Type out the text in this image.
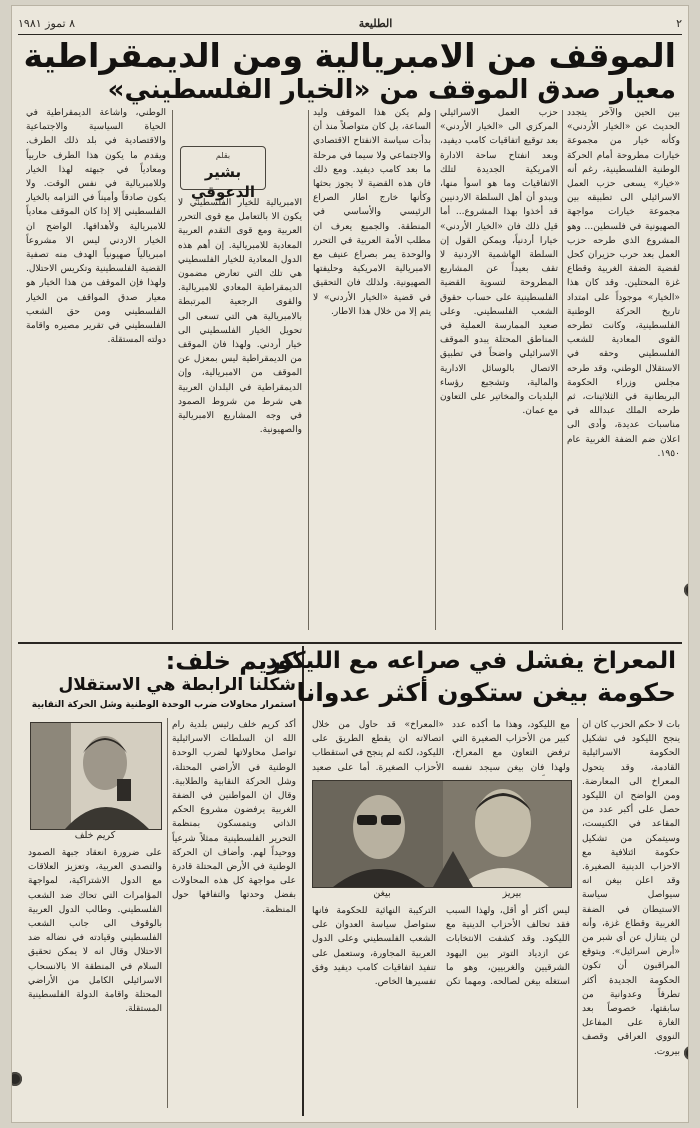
٨ تموز ١٩٨١	الطليعة	٢
الموقف من الامبريالية ومن الديمقراطية
معيار صدق الموقف من «الخيار الفلسطيني»
بين الحين والآخر يتجدد الحديث عن «الخيار الأردني» وكأنه خيار من مجموعة خيارات مطروحة أمام الحركة الوطنية الفلسطينية، رغم أنه «خيار» يسعى حزب العمل الاسرائيلي الى تطبيقه بين مجموعة خيارات مواجهة الصهيونية في فلسطين... وهو المشروع الذي طرحه حزب العمل بعد حرب حزيران كحل لقضية الضفة الغربية وقطاع غزة المحتلين. وقد كان هذا «الخيار» موجوداً على امتداد تاريخ الحركة الوطنية الفلسطينية، وكانت تطرحه القوى المعادية للشعب الفلسطيني وحقه في الاستقلال الوطني، وقد طرحه مجلس وزراء الحكومة البريطانية في الثلاثينات، ثم طرحه الملك عبدالله في مناسبات عديدة، وأدى الى اعلان ضم الضفة الغربية عام ١٩٥٠.
حزب العمل الاسرائيلي المركزي الى «الخيار الأردني» بعد توقيع اتفاقيات كامب ديفيد، وبعد انفتاح ساحة الادارة الامريكية الجديدة لتلك الاتفاقيات وما هو اسوأ منها، ويبدو أن أهل السلطة الاردنيين قد أخذوا بهذا المشروع... أما قيل ذلك فان «الخيار الأردني» خيارا أردنياً، ويمكن القول إن السلطة الهاشمية الاردنية لا تقف بعيداً عن المشاريع المطروحة لتسوية القضية الفلسطينية على حساب حقوق الشعب الفلسطيني. وعلى صعيد الممارسة العملية في المناطق المحتلة يبدو الموقف الاسرائيلي واضحاً في تطبيق الاتصال بالوسائل الادارية والمالية، وتشجيع رؤساء البلديات والمخاتير على التعاون مع عمان.
ولم يكن هذا الموقف وليد الساعة، بل كان متواصلاً منذ أن بدأت سياسة الانفتاح الاقتصادي والاجتماعي ولا سيما في مرحلة ما بعد كامب ديفيد. ومع ذلك فان هذه القضية لا يجوز بحثها وكأنها خارج اطار الصراع الرئيسي والأساسي في المنطقة. والجميع يعرف ان مطلب الأمة العربية في التحرر والوحدة يمر بصراع عنيف مع الامبريالية الامريكية وحليفتها الصهيونية. ولذلك فان التحقيق في قضية «الخيار الأردني» لا يتم إلا من خلال هذا الاطار.
بقلم
بشير الدعوقي
الامبريالية للخيار الفلسطيني لا يكون الا بالتعامل مع قوى التحرر العربية ومع قوى التقدم العربية المعادية للامبريالية. إن أهم هذه الدول المعادية للخيار الفلسطيني هي تلك التي تعارض مضمون الديمقراطية المعادي للامبريالية. والقوى الرجعية المرتبطة بالامبريالية هي التي تسعى الى تحويل الخيار الفلسطيني الى خيار أردني. ولهذا فان الموقف من الديمقراطية ليس بمعزل عن الموقف من الامبريالية، وإن الديمقراطية في البلدان العربية هي شرط من شروط الصمود في وجه المشاريع الامبريالية والصهيونية.
الوطني، واشاعة الديمقراطية في الحياة السياسية والاجتماعية والاقتصادية في بلد ذلك الطرف. ويقدم ما يكون هذا الطرف حاربياً ومعادياً في جبهته لهذا الخيار وللامبريالية في نفس الوقت. ولا يكون صادقاً وأميناً في التزامه بالخيار الفلسطيني إلا إذا كان الموقف معادياً للامبريالية ولأهدافها. الواضح ان الخيار الاردني ليس الا مشروعاً امبريالياً صهيونياً الهدف منه تصفية القضية الفلسطينية وتكريس الاحتلال. ولهذا فإن الموقف من هذا الخيار هو معيار صدق المواقف من الخيار الفلسطيني ومن حق الشعب الفلسطيني في تقرير مصيره واقامة دولته المستقلة.
المعراخ يفشل في صراعه مع الليكود
حكومة بيغن ستكون أكثر عدوانا
بات لا حكم الحزب كان ان ينجح الليكود في تشكيل الحكومة الاسرائيلية القادمة، وقد يتحول المعراخ الى المعارضة. ومن الواضح ان الليكود حصل على أكبر عدد من المقاعد في الكنيست، وسيتمكن من تشكيل حكومة ائتلافية مع الاحزاب الدينية الصغيرة. وقد اعلن بيغن انه سيواصل سياسة الاستيطان في الضفة الغربية وقطاع غزة، وأنه لن يتنازل عن أي شبر من «أرض اسرائيل». ويتوقع المراقبون أن تكون الحكومة الجديدة أكثر تطرفاً وعدوانية من سابقتها، خصوصاً بعد الغارة على المفاعل النووي العراقي وقصف بيروت.
مع الليكود، وهذا ما أكده عدد كبير من الأحزاب الصغيرة التي ترفض التعاون مع المعراخ، ولهذا فان بيغن سيجد نفسه
«المعراخ» قد حاول من خلال اتصالاته ان يقطع الطريق على الليكود، لكنه لم ينجح في استقطاب الأحزاب الصغيرة. أما على صعيد
بيغن	بيريز
ليس أكثر أو أقل، ولهذا السبب فقد تحالف الأحزاب الدينية مع الليكود. وقد كشفت الانتخابات عن ازدياد التوتر بين اليهود الشرقيين والغربيين، وهو ما استغله بيغن لصالحه. ومهما تكن التركيبة النهائية للحكومة فانها ستواصل سياسة العدوان على الشعب الفلسطيني وعلى الدول العربية المجاورة، وستعمل على تنفيذ اتفاقيات كامب ديفيد وفق تفسيرها الخاص.
كريم خلف:
شكلنا الرابطة هي الاستقلال
استمرار محاولات ضرب الوحدة الوطنية وشل الحركة النقابية
أكد كريم خلف رئيس بلدية رام الله ان السلطات الاسرائيلية تواصل محاولاتها لضرب الوحدة الوطنية في الأراضي المحتلة، وشل الحركة النقابية والطلابية. وقال ان المواطنين في الضفة الغربية يرفضون مشروع الحكم الذاتي ويتمسكون بمنظمة التحرير الفلسطينية ممثلاً شرعياً ووحيداً لهم. وأضاف ان الحركة الوطنية في الأرض المحتلة قادرة على مواجهة كل هذه المحاولات بفضل وحدتها والتفافها حول المنظمة.
كريم خلف
على ضرورة انعقاد جبهة الصمود والتصدي العربية، وتعزيز العلاقات مع الدول الاشتراكية، لمواجهة المؤامرات التي تحاك ضد الشعب الفلسطيني. وطالب الدول العربية بالوقوف الى جانب الشعب الفلسطيني وقيادته في نضاله ضد الاحتلال وقال انه لا يمكن تحقيق السلام في المنطقة الا بالانسحاب الاسرائيلي الكامل من الأراضي المحتلة واقامة الدولة الفلسطينية المستقلة.
